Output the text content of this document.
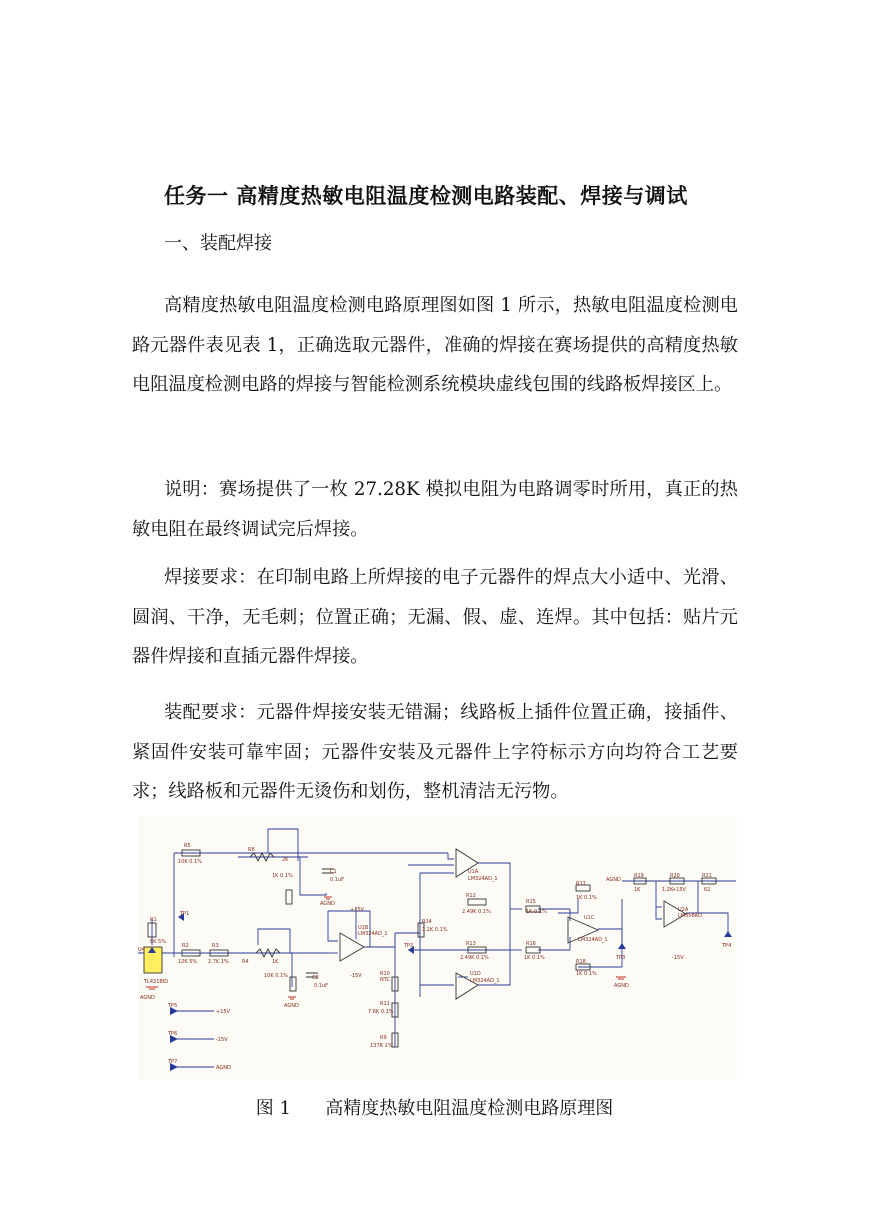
任务一 高精度热敏电阻温度检测电路装配、焊接与调试
一、装配焊接

高精度热敏电阻温度检测电路原理图如图 1 所示，热敏电阻温度检测电路元器件表见表 1，正确选取元器件，准确的焊接在赛场提供的高精度热敏电阻温度检测电路的焊接与智能检测系统模块虚线包围的线路板焊接区上。

说明：赛场提供了一枚 27.28K 模拟电阻为电路调零时所用，真正的热敏电阻在最终调试完后焊接。

焊接要求：在印制电路上所焊接的电子元器件的焊点大小适中、光滑、圆润、干净，无毛刺；位置正确；无漏、假、虚、连焊。其中包括：贴片元器件焊接和直插元器件焊接。

装配要求：元器件焊接安装无错漏；线路板上插件位置正确，接插件、紧固件安装可靠牢固；元器件安装及元器件上字符标示方向均符合工艺要求；线路板和元器件无烫伤和划伤，整机清洁无污物。

R5
10K 0.1%
R8
2K
1K 0.1%
C1
0.1uF
AGND
U1A
LM324AD_1
R12
2.49K 0.1%
R13
2.49K 0.1%
U1C
LM324AD_1
U1B
LM324AD_1
U1D
LM324AD_1
+15V
-15V
TP1
TP2
TP3
TP4
TP5
TP6
TP7
+15V
-15V
AGND
R1
6K 5%
U4
TL431BID
AGND
R2
12K 5%
R3
2.7K 1%	R4	1K
10K 0.1%	C2
0.1uF
AGND
R10
NTC
R11
7.6K 0.1%
R9
137R 1%
R14
1.2K 0.1%
R15
1K 0.1%
R16
1K 0.1%
R17
1K 0.1%
R18
1K 0.1%
AGND
AGND
R19
1K
R20
1.2K
R21
62
U2A
LM358AD
+15V
-15V
图 1      高精度热敏电阻温度检测电路原理图
